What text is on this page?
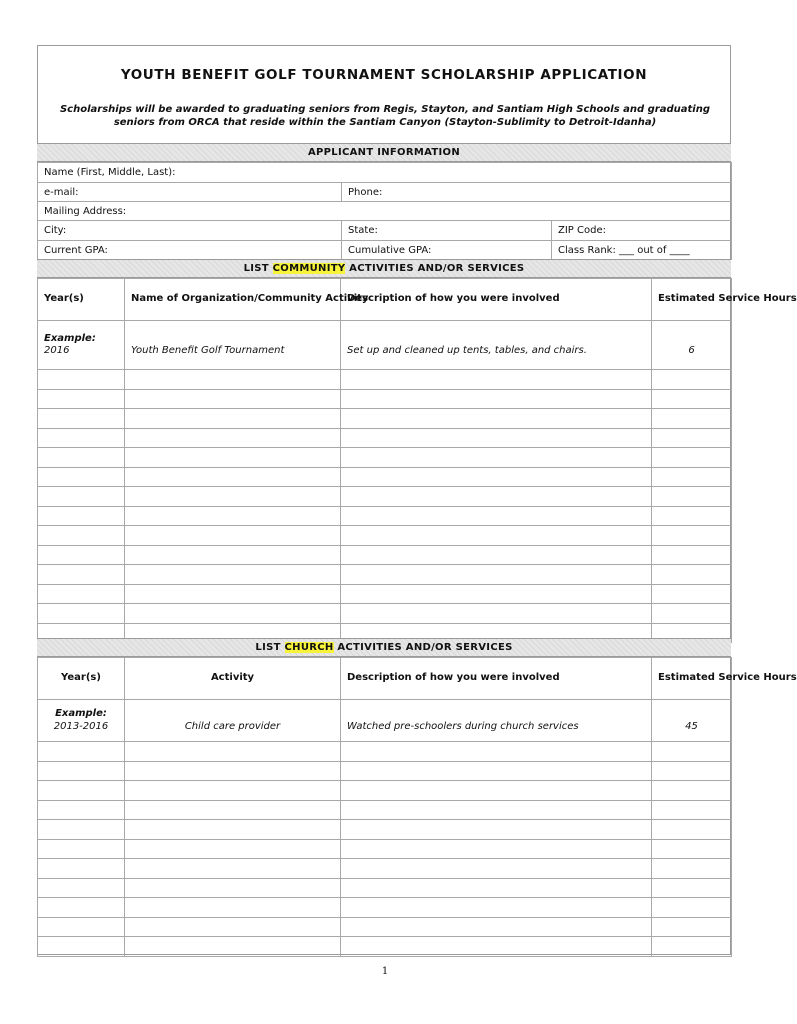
YOUTH BENEFIT GOLF TOURNAMENT SCHOLARSHIP APPLICATION
Scholarships will be awarded to graduating seniors from Regis, Stayton, and Santiam High Schools and graduating seniors from ORCA that reside within the Santiam Canyon (Stayton-Sublimity to Detroit-Idanha)
APPLICANT INFORMATION
Name (First, Middle, Last):		
e-mail:	Phone:	
Mailing Address:		
City:	State:	ZIP Code:
Current GPA:	Cumulative GPA:	Class Rank: ___ out of ____
LIST COMMUNITY ACTIVITIES AND/OR SERVICES
Year(s)	Name of Organization/Community Activity	Description of how you were involved	Estimated Service Hours

Example:
2016	Youth Benefit Golf Tournament	Set up and cleaned up tents, tables, and chairs.	6

LIST CHURCH ACTIVITIES AND/OR SERVICES
Year(s)	Activity	Description of how you were involved	Estimated Service Hours

Example:
2013-2016	Child care provider	Watched pre-schoolers during church services	45

1
